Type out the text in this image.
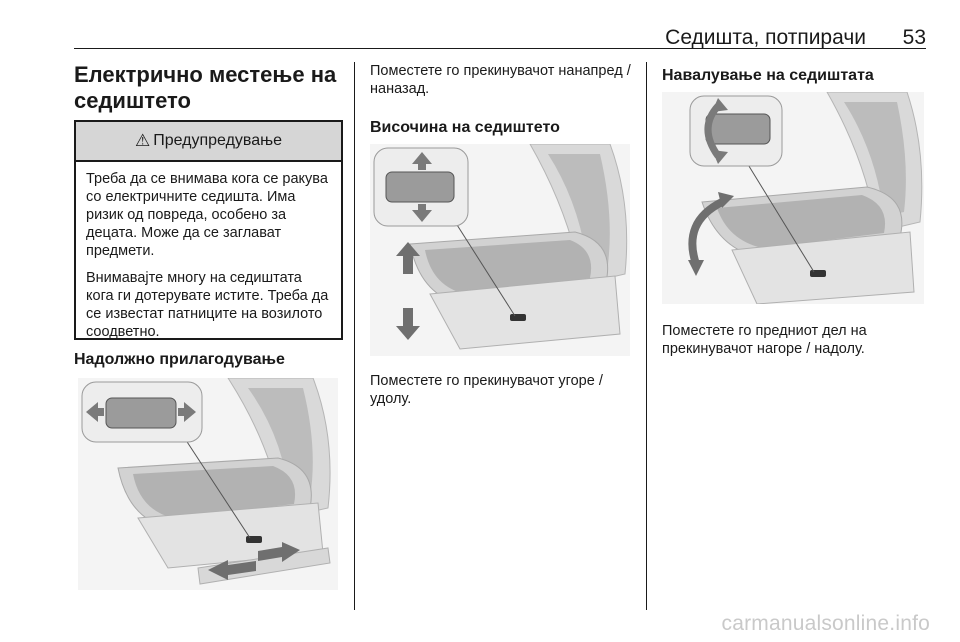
Седишта, потпирачи 53
Електрично местење на седиштето
⚠ Предупредување

Треба да се внимава кога се ракува со електричните седишта. Има ризик од повреда, особено за децата. Може да се заглават предмети.

Внимавајте многу на седиштата кога ги дотерувате иститe. Треба да се известат патниците на возилото соодветно.

Надолжно прилагодување

Поместете го прекинувачот нанапред / наназад.

Височина на седиштето

Поместете го прекинувачот угоре / удолу.

Навалување на седиштата

Поместете го предниот дел на прекинувачот нагоре / надолу.

carmanualsonline.info
